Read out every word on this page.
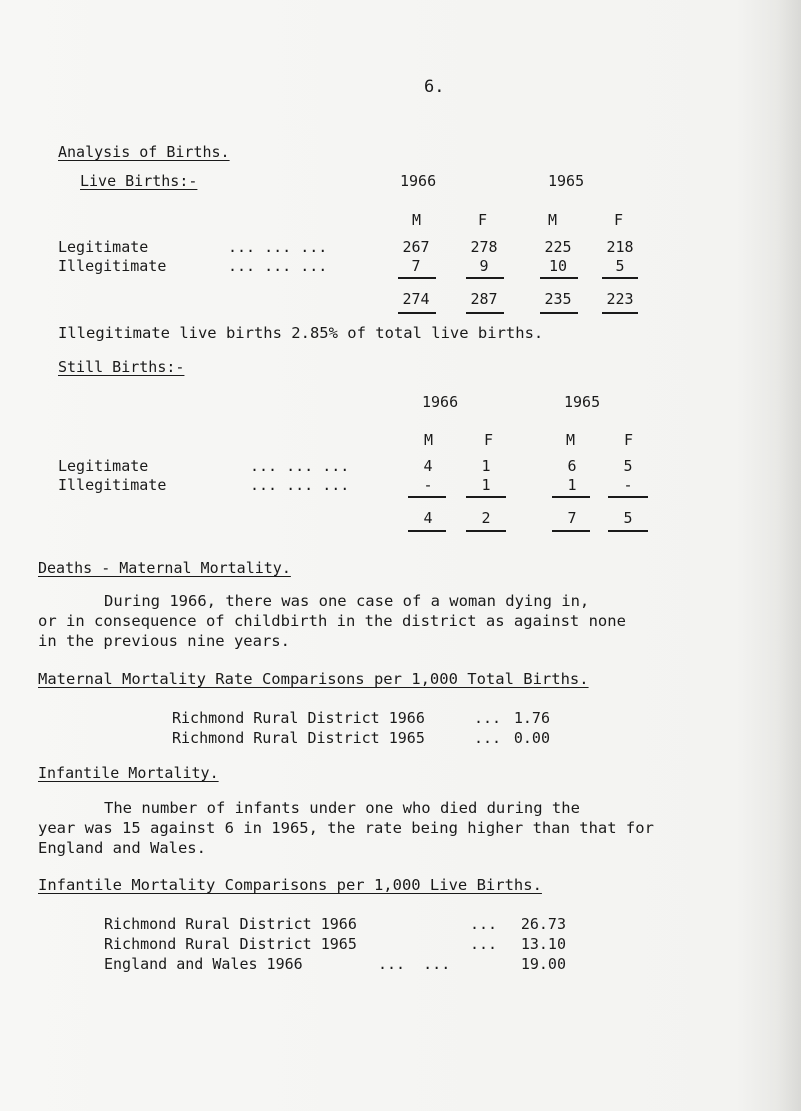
6.
Analysis of Births.
Live Births:-	1966	1965
M	F	M	F
Legitimate	... ... ...	267	278	225	218
Illegitimate	... ... ...	7	9	10	5
274	287	235	223
Illegitimate live births 2.85% of total live births.
Still Births:-
1966	1965
M	F	M	F
Legitimate	... ... ...	4	1	6	5
Illegitimate	... ... ...	-	1	1	-
4	2	7	5
Deaths - Maternal Mortality.
During 1966, there was one case of a woman dying in,
or in consequence of childbirth in the district as against none
in the previous nine years.
Maternal Mortality Rate Comparisons per 1,000 Total Births.
Richmond Rural District 1966	... 1.76
Richmond Rural District 1965	... 0.00
Infantile Mortality.
The number of infants under one who died during the
year was 15 against 6 in 1965, the rate being higher than that for
England and Wales.
Infantile Mortality Comparisons per 1,000 Live Births.
Richmond Rural District 1966	...	26.73
Richmond Rural District 1965	...	13.10
England and Wales 1966	...  ...	19.00
